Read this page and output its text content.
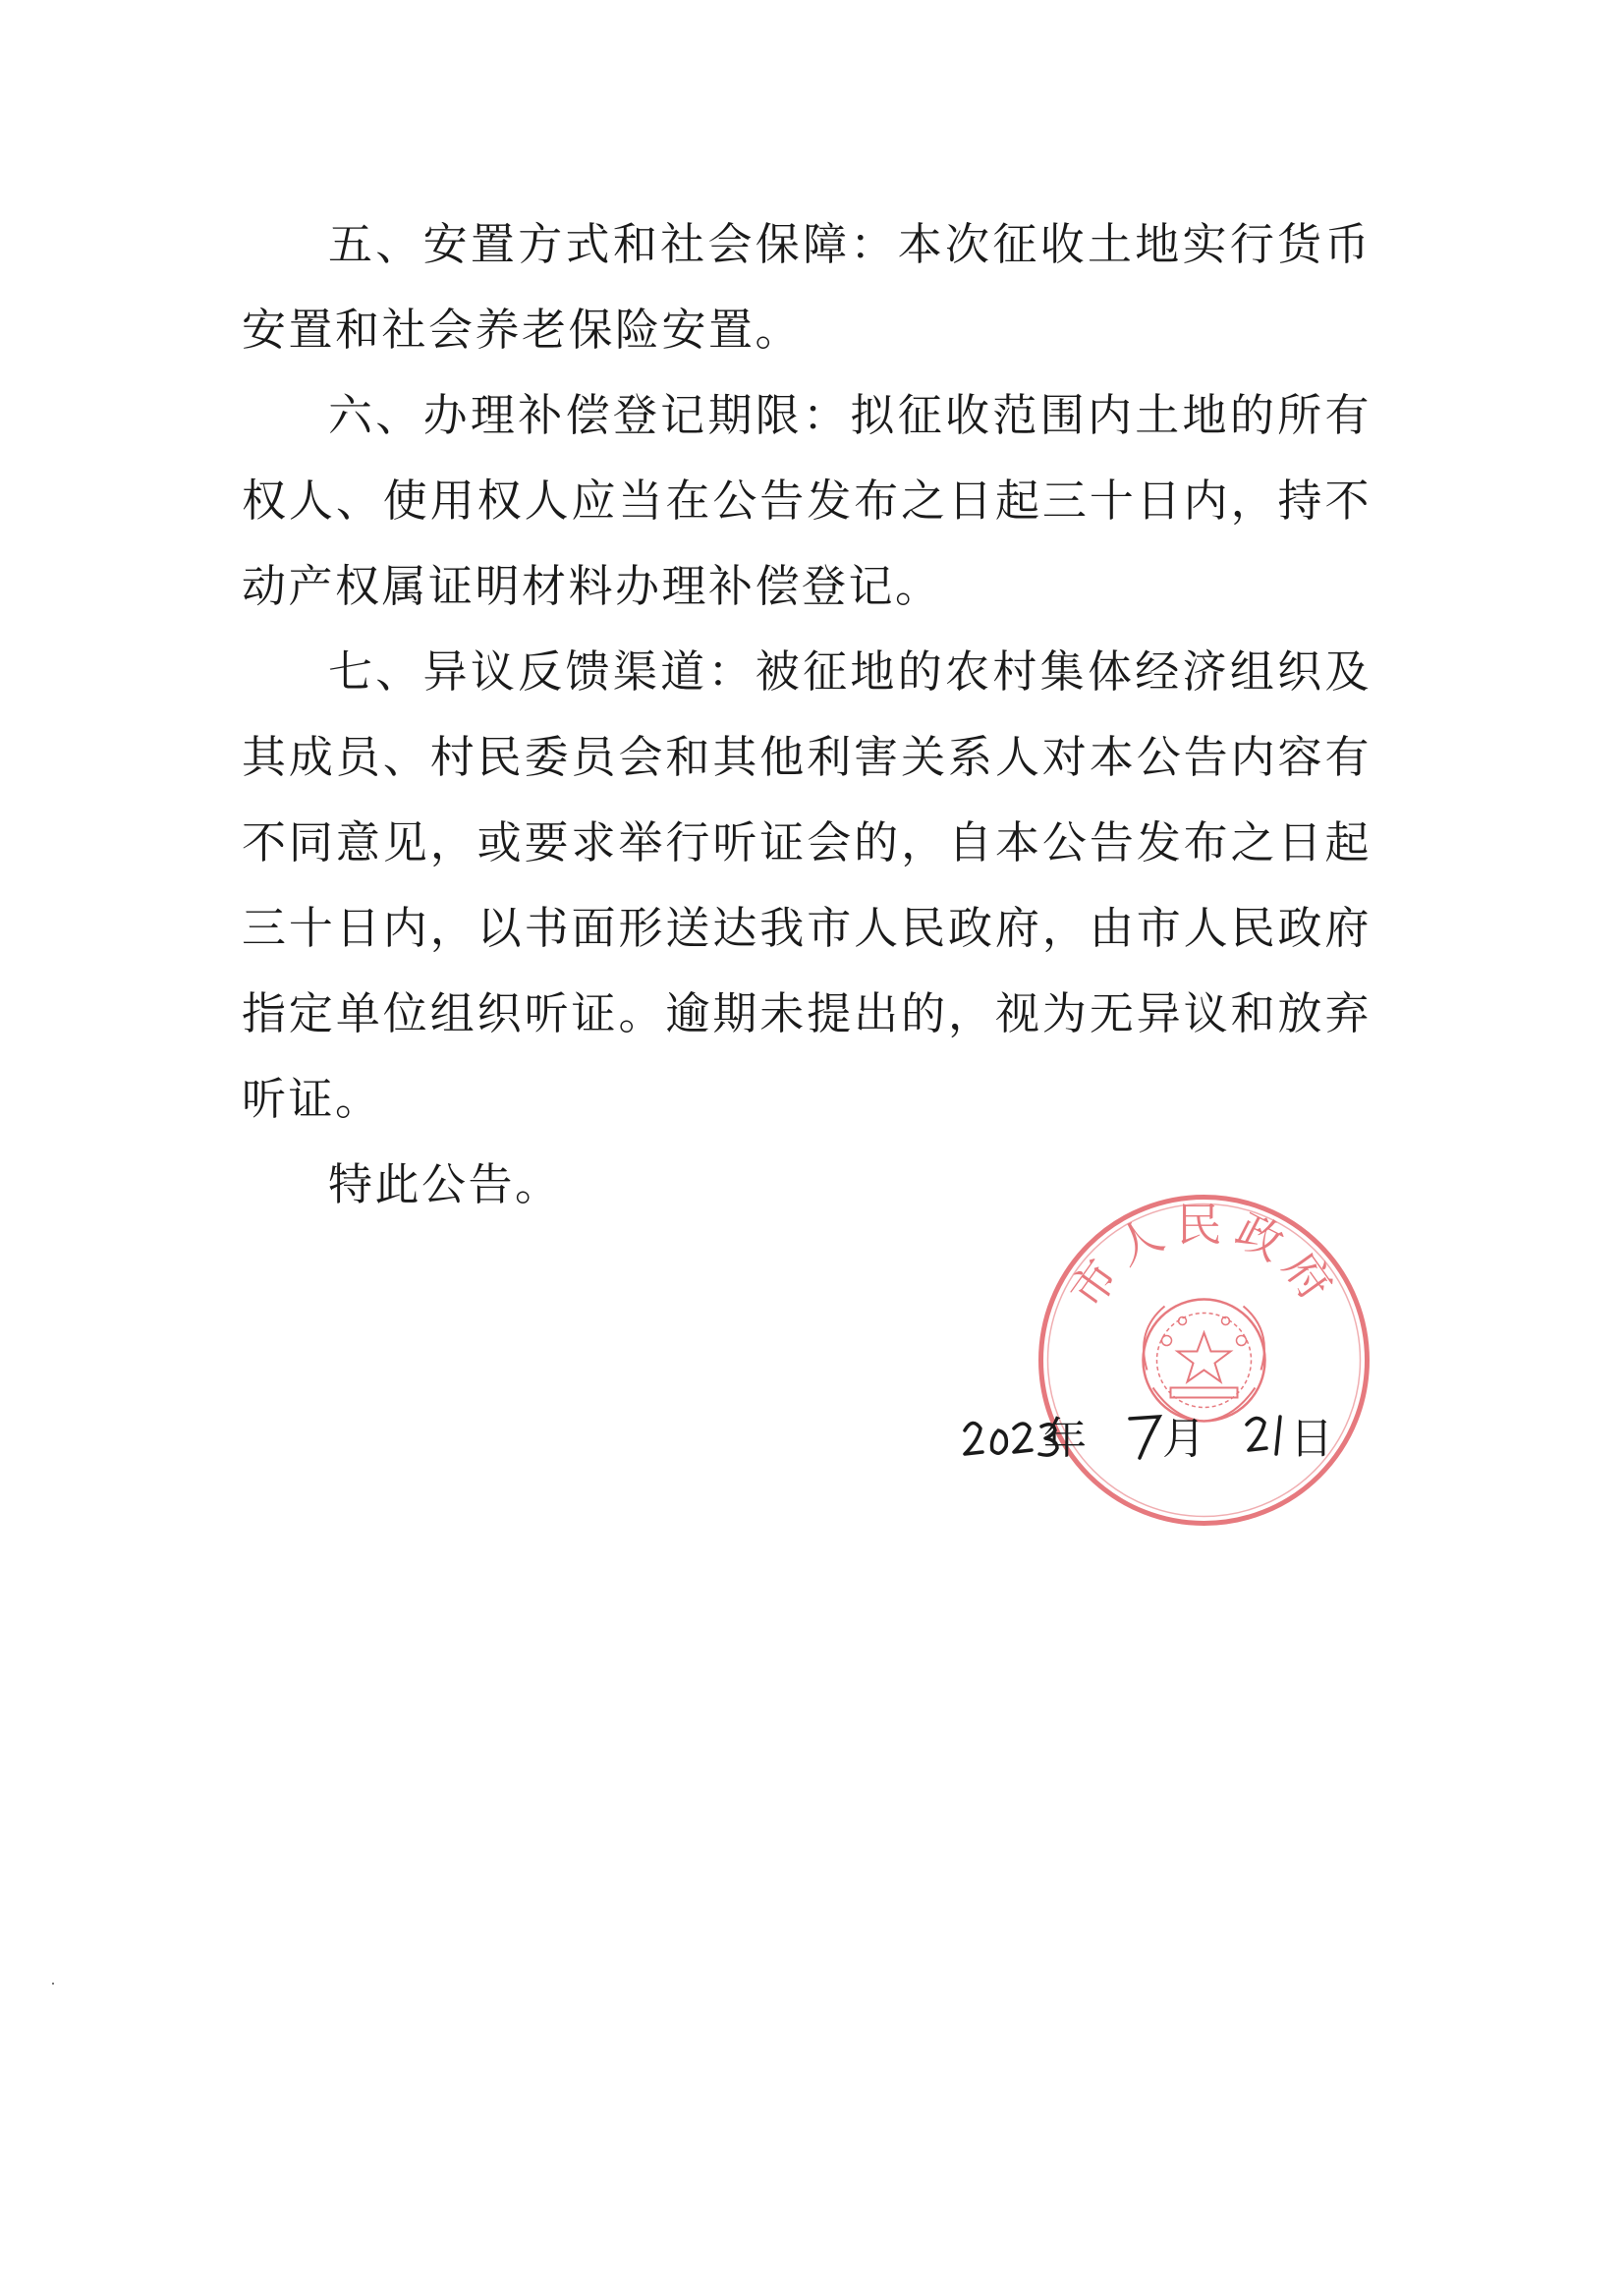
五、安置方式和社会保障：本次征收土地实行货币安置和社会养老保险安置。

六、办理补偿登记期限：拟征收范围内土地的所有权人、使用权人应当在公告发布之日起三十日内，持不动产权属证明材料办理补偿登记。

七、异议反馈渠道：被征地的农村集体经济组织及其成员、村民委员会和其他利害关系人对本公告内容有不同意见，或要求举行听证会的，自本公告发布之日起三十日内，以书面形送达我市人民政府，由市人民政府指定单位组织听证。逾期未提出的，视为无异议和放弃听证。

特此公告。

市人民政府
年 月 日
